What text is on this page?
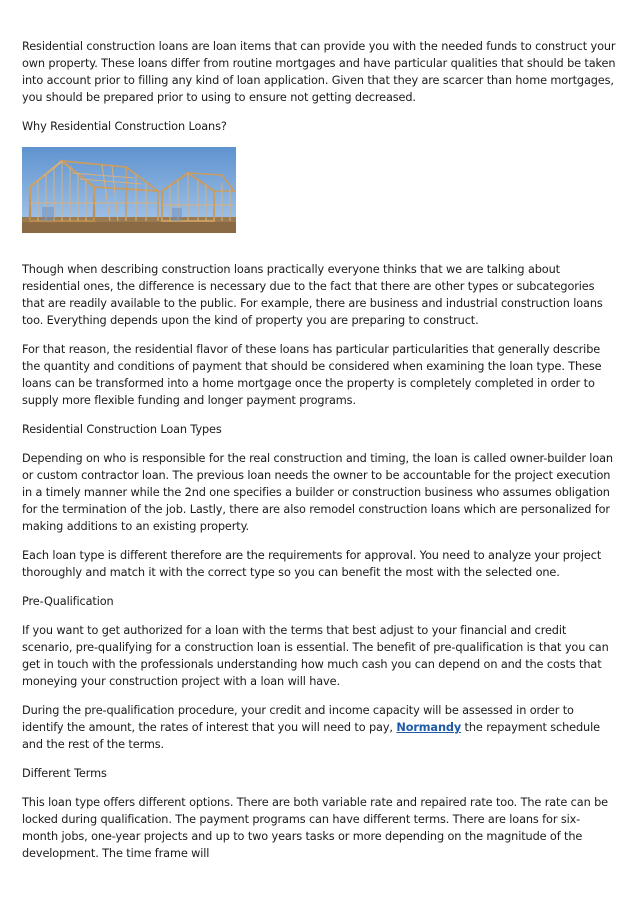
Residential construction loans are loan items that can provide you with the needed funds to construct your own property. These loans differ from routine mortgages and have particular qualities that should be taken into account prior to filling any kind of loan application. Given that they are scarcer than home mortgages, you should be prepared prior to using to ensure not getting decreased.

Why Residential Construction Loans?

Though when describing construction loans practically everyone thinks that we are talking about residential ones, the difference is necessary due to the fact that there are other types or subcategories that are readily available to the public. For example, there are business and industrial construction loans too. Everything depends upon the kind of property you are preparing to construct.

For that reason, the residential flavor of these loans has particular particularities that generally describe the quantity and conditions of payment that should be considered when examining the loan type. These loans can be transformed into a home mortgage once the property is completely completed in order to supply more flexible funding and longer payment programs.

Residential Construction Loan Types

Depending on who is responsible for the real construction and timing, the loan is called owner-builder loan or custom contractor loan. The previous loan needs the owner to be accountable for the project execution in a timely manner while the 2nd one specifies a builder or construction business who assumes obligation for the termination of the job. Lastly, there are also remodel construction loans which are personalized for making additions to an existing property.

Each loan type is different therefore are the requirements for approval. You need to analyze your project thoroughly and match it with the correct type so you can benefit the most with the selected one.

Pre-Qualification

If you want to get authorized for a loan with the terms that best adjust to your financial and credit scenario, pre-qualifying for a construction loan is essential. The benefit of pre-qualification is that you can get in touch with the professionals understanding how much cash you can depend on and the costs that moneying your construction project with a loan will have.

During the pre-qualification procedure, your credit and income capacity will be assessed in order to identify the amount, the rates of interest that you will need to pay, Normandy the repayment schedule and the rest of the terms.

Different Terms

This loan type offers different options. There are both variable rate and repaired rate too. The rate can be locked during qualification. The payment programs can have different terms. There are loans for six-month jobs, one-year projects and up to two years tasks or more depending on the magnitude of the development. The time frame will
